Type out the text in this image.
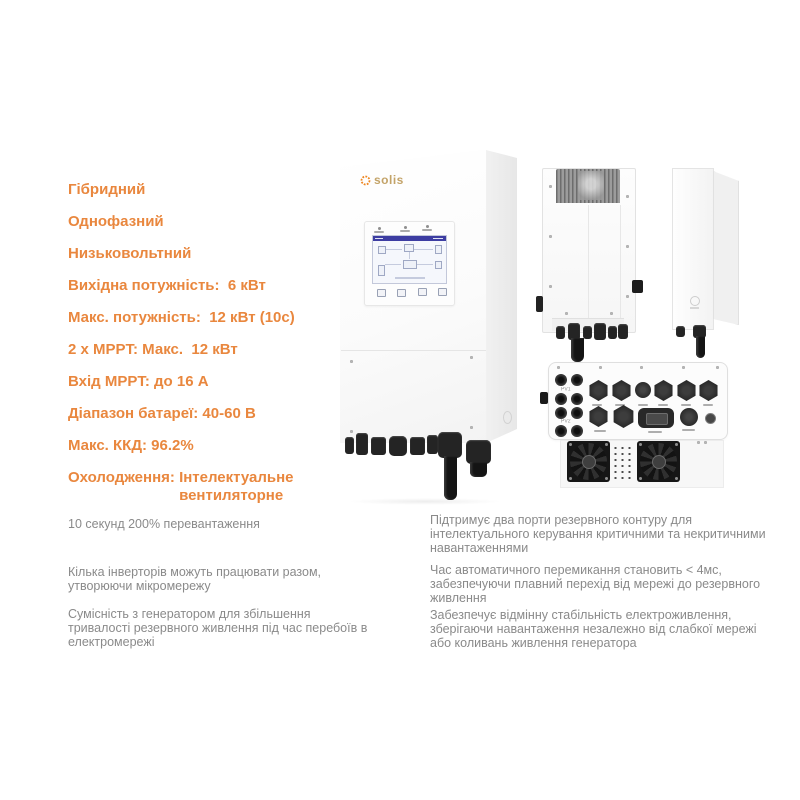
Гібридний
Однофазний
Низьковольтний
Вихідна потужність:  6 кВт
Макс. потужність:  12 кВт (10c)
2 x MPPT: Макс.  12 кВт
Вхід MPPT: до 16 А
Діапазон батареї: 40-60 В
Макс. ККД: 96.2%
Охолодження: Інтелектуальне вентиляторне
solis
PV1
PV2
10 секунд 200% перевантаження
Кілька інверторів можуть працювати разом,
утворюючи мікромережу
Сумісність з генератором для збільшення
тривалості резервного живлення під час перебоїв в
електромережі
Підтримує два порти резервного контуру для
інтелектуального керування критичними та некритичними
навантаженнями
Час автоматичного перемикання становить < 4мс,
забезпечуючи плавний перехід від мережі до резервного
живлення
Забезпечує відмінну стабільність електроживлення,
зберігаючи навантаження незалежно від слабкої мережі
або коливань живлення генератора
